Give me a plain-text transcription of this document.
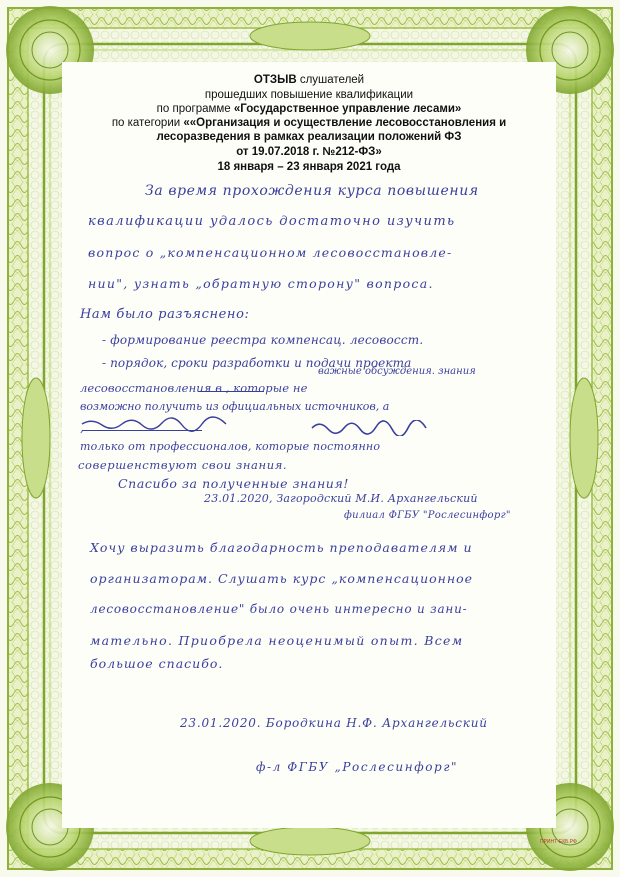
ОТЗЫВ слушателей
прошедших повышение квалификации
по программе «Государственное управление лесами»
по категории ««Организация и осуществление лесовосстановления и
лесоразведения в рамках реализации положений ФЗ
от 19.07.2018 г. №212-ФЗ»
18 января – 23 января 2021 года
За время прохождения курса повышения
квалификации удалось достаточно изучить
вопрос о „компенсационном лесовосстановле-
нии", узнать „обратную сторону" вопроса.
Нам было разъяснено:
- формирование реестра компенсац. лесовосст.
- порядок, сроки разработки и подачи проекта
важные обсуждения. знания
лесовосстановления в , которые не
возможно получить из официальных источников, а
,
только от профессионалов, которые постоянно
совершенствуют свои знания.
Спасибо за полученные знания!
23.01.2020, Загородский М.И. Архангельский
филиал ФГБУ "Рослесинфорг"
Хочу выразить благодарность преподавателям и
организаторам. Слушать курс „компенсационное
лесовосстановление" было очень интересно и зани-
мательно. Приобрела неоценимый опыт. Всем
большое спасибо.
23.01.2020. Бородкина Н.Ф. Архангельский
ф-л ФГБУ „Рослесинфорг"
ПРИНТ-ЕКБ.РФ
